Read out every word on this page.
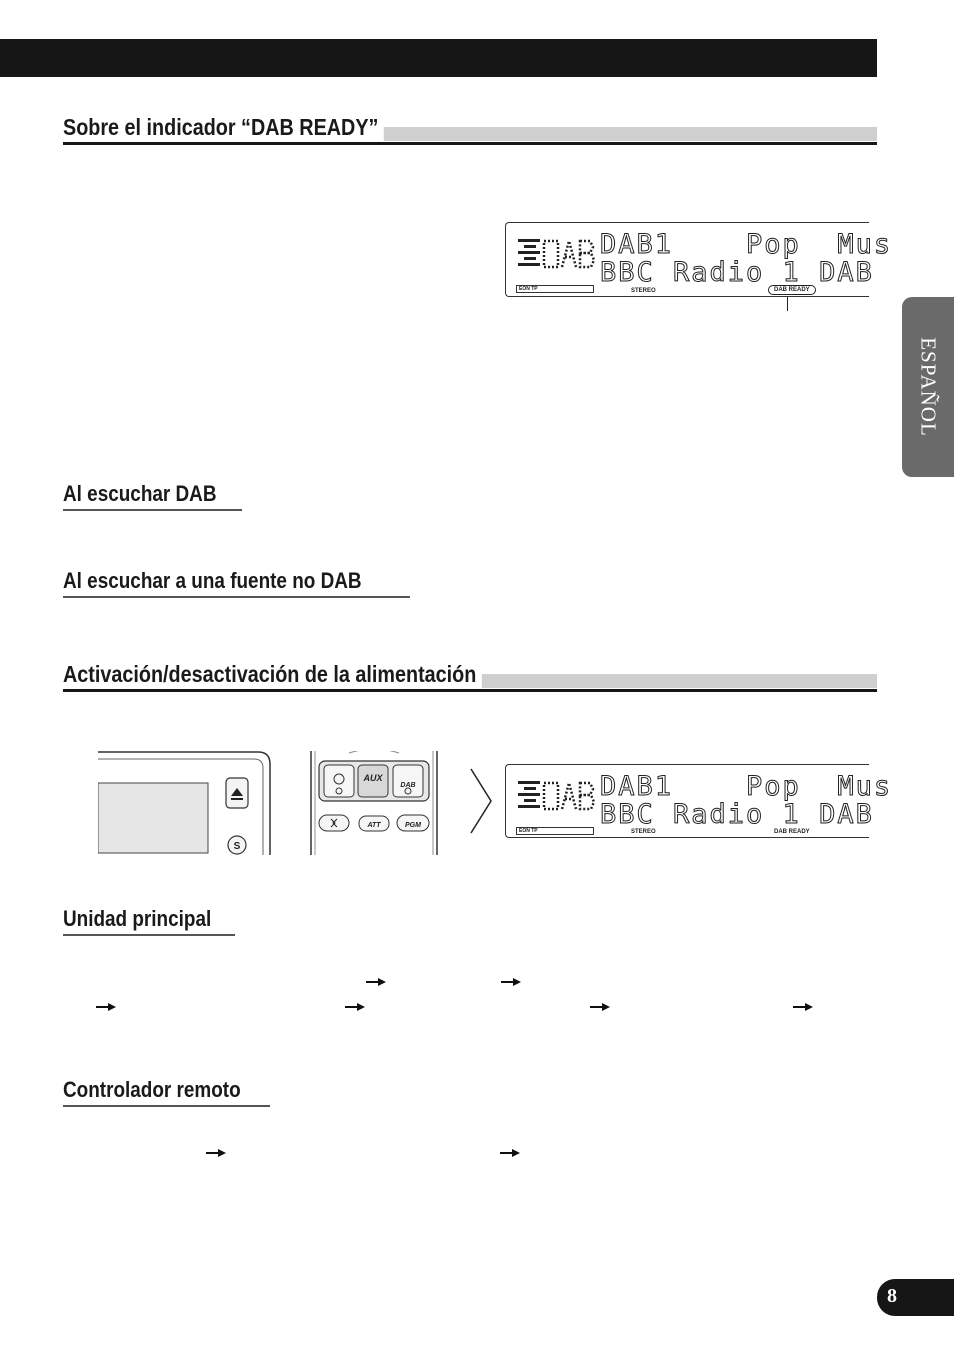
Sobre el indicador “DAB READY”
DAB1    Pop  Mus
BBC Radio 1 DAB
EON TP	STEREO	DAB READY
Al escuchar DAB
Al escuchar a una fuente no DAB
Activación/desactivación de la alimentación
S
AUX
DAB
ATT	PGM
DAB1    Pop  Mus
BBC Radio 1 DAB
EON TP	STEREO	DAB READY
Unidad principal
Controlador remoto
ESPAÑOL
8
